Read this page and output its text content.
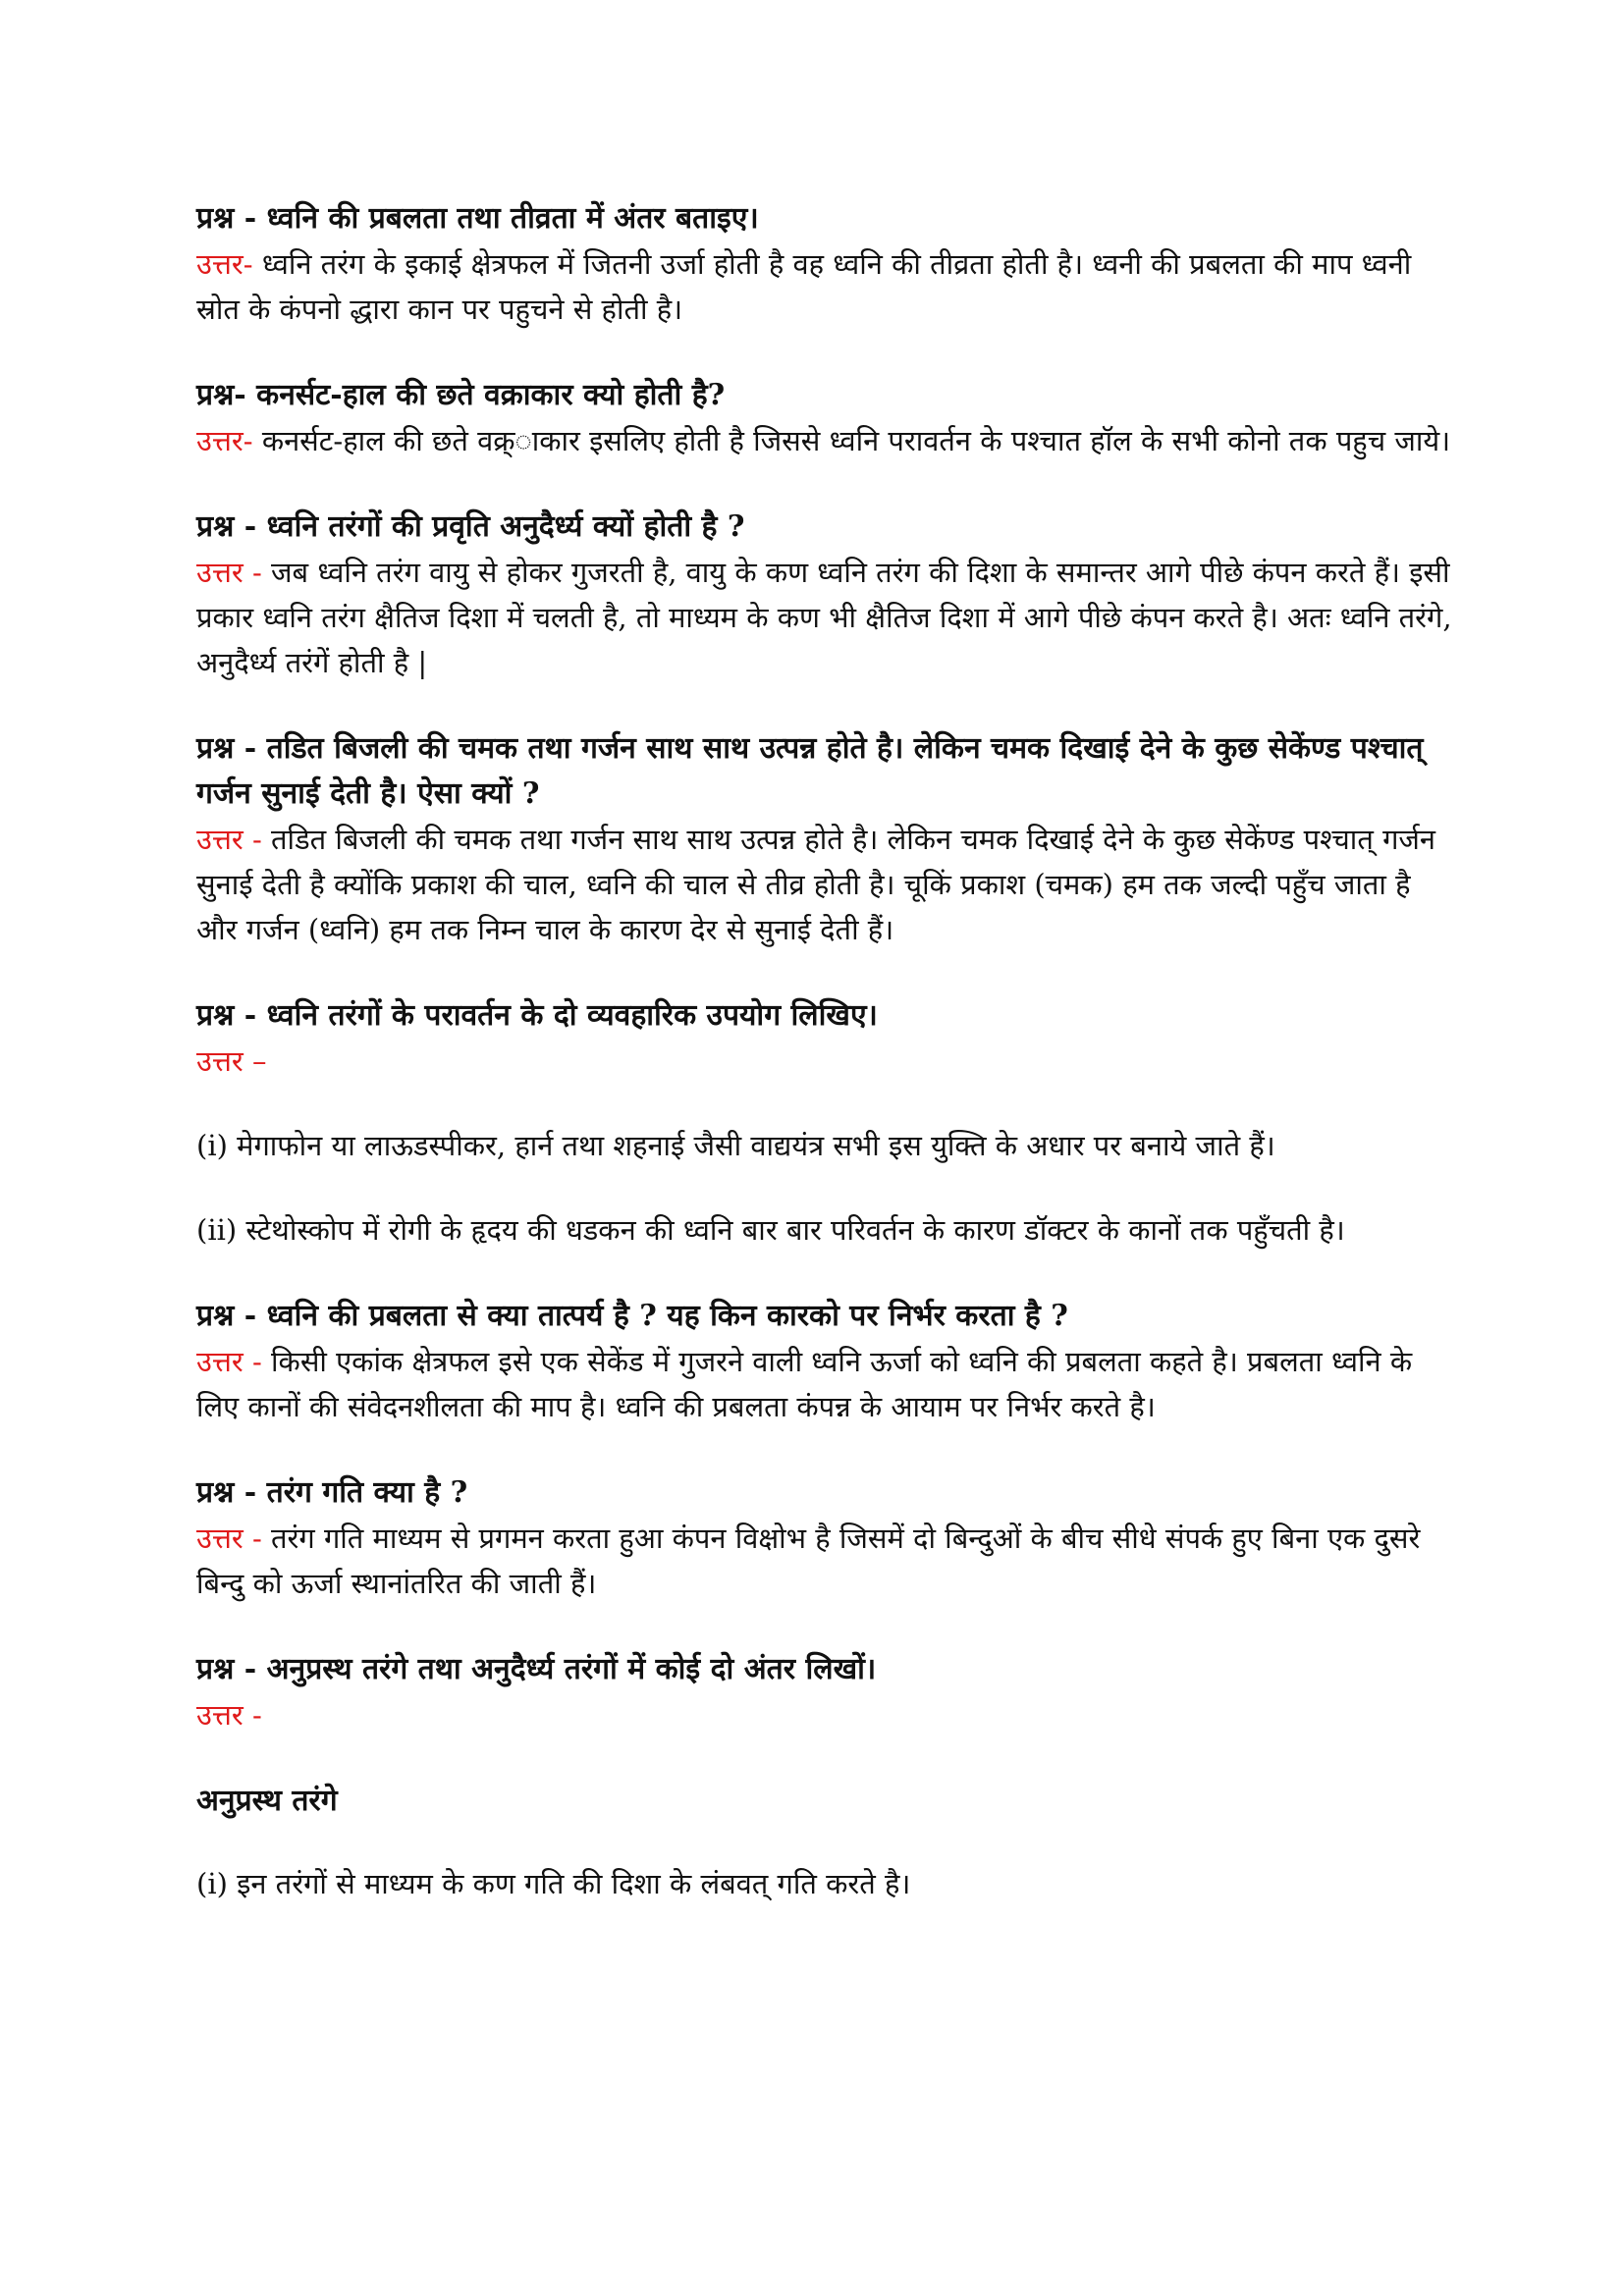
प्रश्न - ध्वनि की प्रबलता तथा तीव्रता में अंतर बताइए।

उत्तर- ध्वनि तरंग के इकाई क्षेत्रफल में जितनी उर्जा होती है वह ध्वनि की तीव्रता होती है। ध्वनी की प्रबलता की माप ध्वनी स्रोत के कंपनो द्धारा कान पर पहुचने से होती है।

प्रश्न- कनर्सट-हाल की छते वक्राकार क्यो होती है?

उत्तर- कनर्सट-हाल की छते वक्र्ाकार इसलिए होती है जिससे ध्वनि परावर्तन के पश्चात हॉल के सभी कोनो तक पहुच जाये।

प्रश्न - ध्वनि तरंगों की प्रवृति अनुदैर्ध्य क्यों होती है ?

उत्तर - जब ध्वनि तरंग वायु से होकर गुजरती है, वायु के कण ध्वनि तरंग की दिशा के समान्तर आगे पीछे कंपन करते हैं। इसी प्रकार ध्वनि तरंग क्षैतिज दिशा में चलती है, तो माध्यम के कण भी क्षैतिज दिशा में आगे पीछे कंपन करते है। अतः ध्वनि तरंगे, अनुदैर्ध्य तरंगें होती है |

प्रश्न - तडित बिजली की चमक तथा गर्जन साथ साथ उत्पन्न होते है। लेकिन चमक दिखाई देने के कुछ सेकेंण्ड पश्चात् गर्जन सुनाई देती है। ऐसा क्यों ?

उत्तर - तडित बिजली की चमक तथा गर्जन साथ साथ उत्पन्न होते है। लेकिन चमक दिखाई देने के कुछ सेकेंण्ड पश्चात् गर्जन सुनाई देती है क्योंकि प्रकाश की चाल, ध्वनि की चाल से तीव्र होती है। चूकिं प्रकाश (चमक) हम तक जल्दी पहुँच जाता है और गर्जन (ध्वनि) हम तक निम्न चाल के कारण देर से सुनाई देती हैं।

प्रश्न - ध्वनि तरंगों के परावर्तन के दो व्यवहारिक उपयोग लिखिए।

उत्तर –

(i) मेगाफोन या लाऊडस्पीकर, हार्न तथा शहनाई जैसी वाद्ययंत्र सभी इस युक्ति के अधार पर बनाये जाते हैं।

(ii) स्टेथोस्कोप में रोगी के हृदय की धडकन की ध्वनि बार बार परिवर्तन के कारण डॉक्टर के कानों तक पहुँचती है।

प्रश्न - ध्वनि की प्रबलता से क्या तात्पर्य है ? यह किन कारको पर निर्भर करता है ?

उत्तर - किसी एकांक क्षेत्रफल इसे एक सेकेंड में गुजरने वाली ध्वनि ऊर्जा को ध्वनि की प्रबलता कहते है। प्रबलता ध्वनि के लिए कानों की संवेदनशीलता की माप है। ध्वनि की प्रबलता कंपन्न के आयाम पर निर्भर करते है।

प्रश्न - तरंग गति क्या है ?

उत्तर - तरंग गति माध्यम से प्रगमन करता हुआ कंपन विक्षोभ है जिसमें दो बिन्दुओं के बीच सीधे संपर्क हुए बिना एक दुसरे बिन्दु को ऊर्जा स्थानांतरित की जाती हैं।

प्रश्न - अनुप्रस्थ तरंगे तथा अनुदैर्ध्य तरंगों में कोई दो अंतर लिखों।

उत्तर -

अनुप्रस्थ तरंगे

(i) इन तरंगों से माध्यम के कण गति की दिशा के लंबवत् गति करते है।
